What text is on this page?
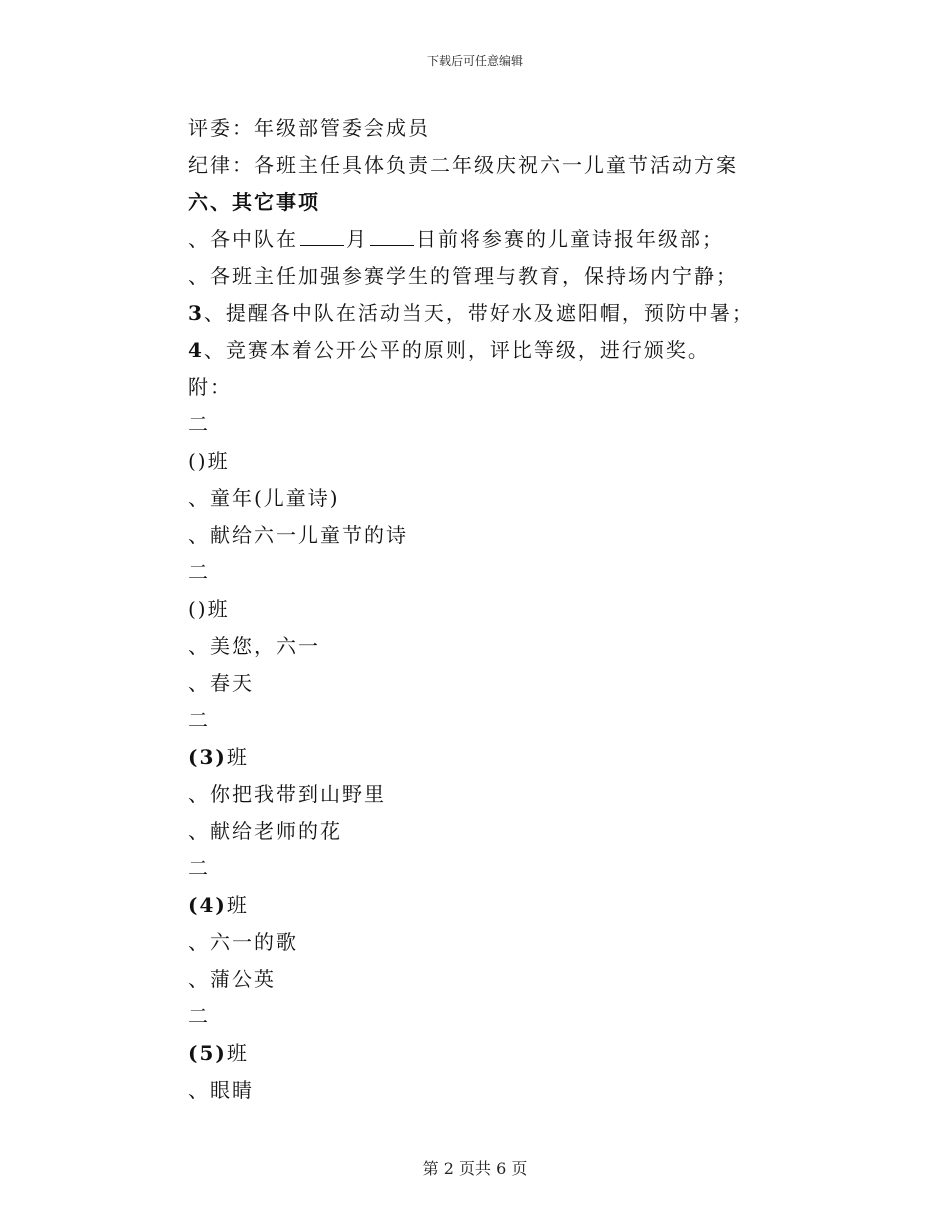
下载后可任意编辑
评委：年级部管委会成员
纪律：各班主任具体负责二年级庆祝六一儿童节活动方案
六、其它事项
、各中队在 月 日前将参赛的儿童诗报年级部；
、各班主任加强参赛学生的管理与教育，保持场内宁静；
3、提醒各中队在活动当天，带好水及遮阳帽，预防中暑；
4、竞赛本着公开公平的原则，评比等级，进行颁奖。
附：
二
()班
、童年(儿童诗)
、献给六一儿童节的诗
二
()班
、美您，六一
、春天
二
(3)班
、你把我带到山野里
、献给老师的花
二
(4)班
、六一的歌
、蒲公英
二
(5)班
、眼睛
第 2 页共 6 页
